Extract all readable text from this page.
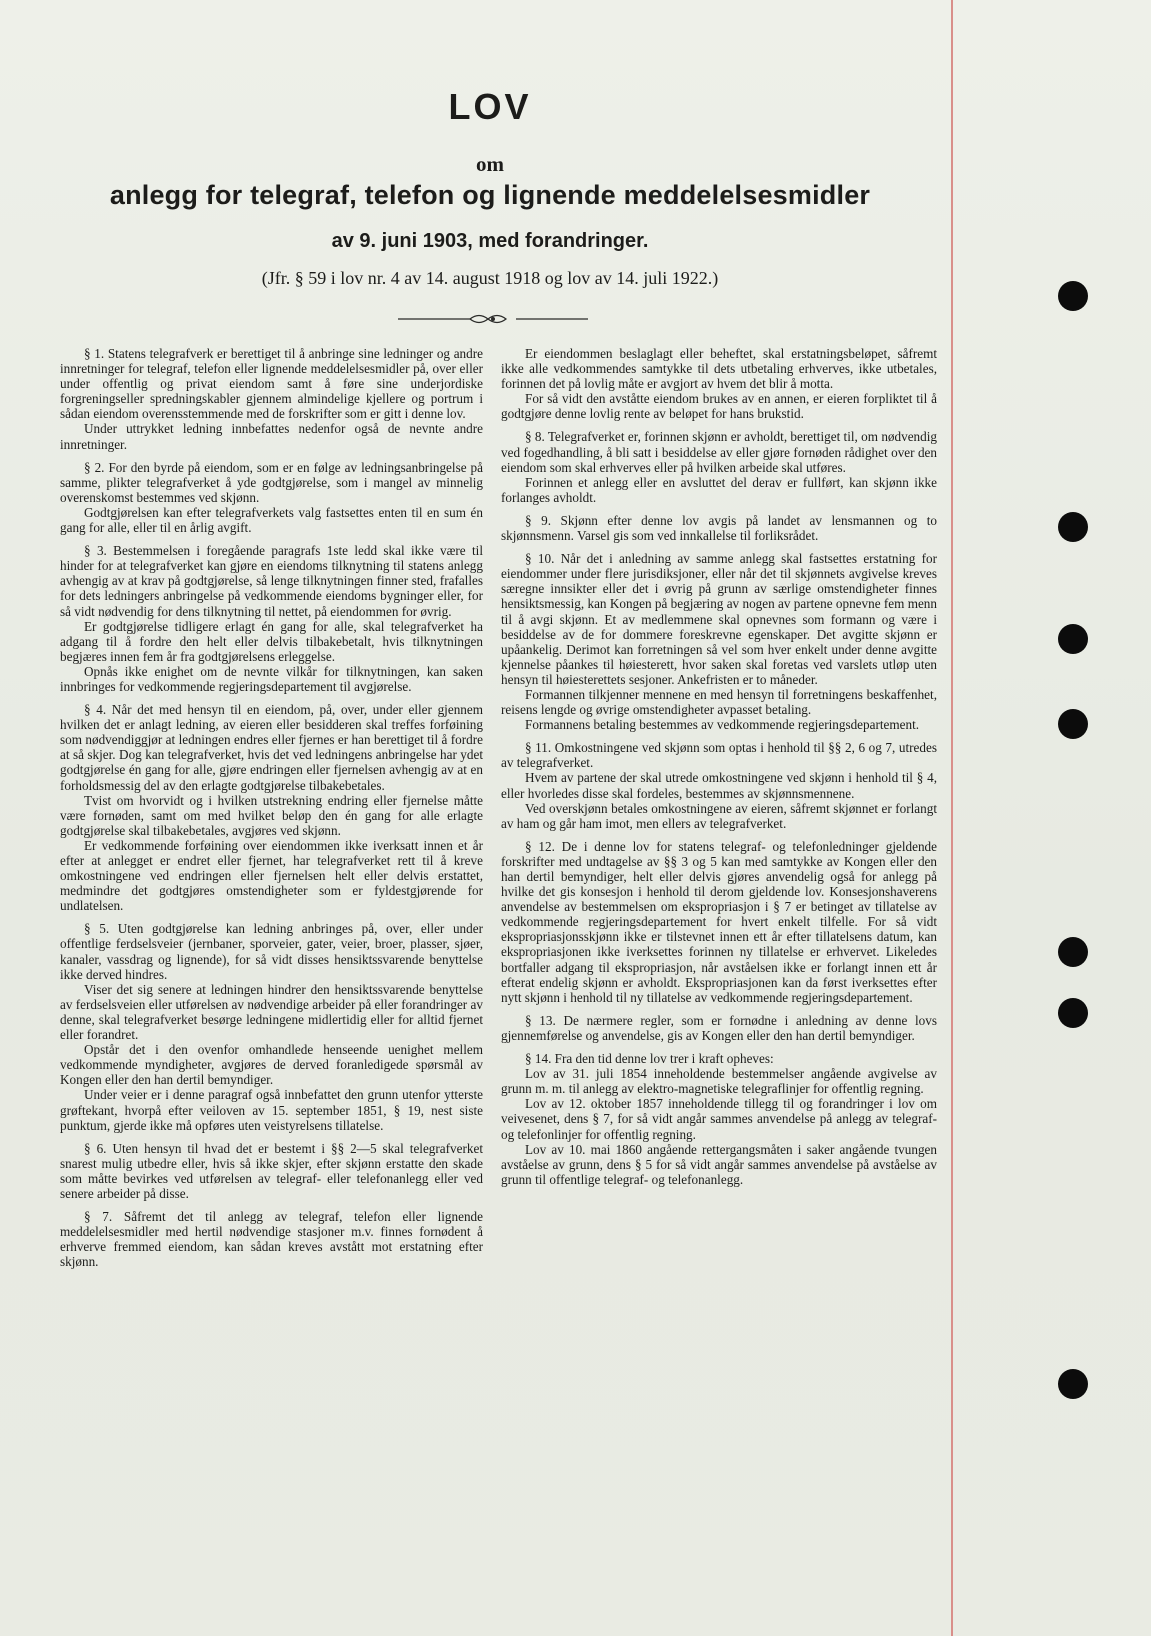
LOV
om
anlegg for telegraf, telefon og lignende meddelelsesmidler
av 9. juni 1903, med forandringer.
(Jfr. § 59 i lov nr. 4 av 14. august 1918 og lov av 14. juli 1922.)

§ 1. Statens telegrafverk er berettiget til å anbringe sine ledninger og andre innretninger for telegraf, telefon eller lignende meddelelsesmidler på, over eller under offentlig og privat eiendom samt å føre sine underjordiske forgreningseller spredningskabler gjennem almindelige kjellere og portrum i sådan eiendom overensstemmende med de forskrifter som er gitt i denne lov.

Under uttrykket ledning innbefattes nedenfor også de nevnte andre innretninger.

§ 2. For den byrde på eiendom, som er en følge av ledningsanbringelse på samme, plikter telegrafverket å yde godtgjørelse, som i mangel av minnelig overenskomst bestemmes ved skjønn.

Godtgjørelsen kan efter telegrafverkets valg fastsettes enten til en sum én gang for alle, eller til en årlig avgift.

§ 3. Bestemmelsen i foregående paragrafs 1ste ledd skal ikke være til hinder for at telegrafverket kan gjøre en eiendoms tilknytning til statens anlegg avhengig av at krav på godtgjørelse, så lenge tilknytningen finner sted, frafalles for dets ledningers anbringelse på vedkommende eiendoms bygninger eller, for så vidt nødvendig for dens tilknytning til nettet, på eiendommen for øvrig.

Er godtgjørelse tidligere erlagt én gang for alle, skal telegrafverket ha adgang til å fordre den helt eller delvis tilbakebetalt, hvis tilknytningen begjæres innen fem år fra godtgjørelsens erleggelse.

Opnås ikke enighet om de nevnte vilkår for tilknytningen, kan saken innbringes for vedkommende regjeringsdepartement til avgjørelse.

§ 4. Når det med hensyn til en eiendom, på, over, under eller gjennem hvilken det er anlagt ledning, av eieren eller besidderen skal treffes forføining som nødvendiggjør at ledningen endres eller fjernes er han berettiget til å fordre at så skjer. Dog kan telegrafverket, hvis det ved ledningens anbringelse har ydet godtgjørelse én gang for alle, gjøre endringen eller fjernelsen avhengig av at en forholdsmessig del av den erlagte godtgjørelse tilbakebetales.

Tvist om hvorvidt og i hvilken utstrekning endring eller fjernelse måtte være fornøden, samt om med hvilket beløp den én gang for alle erlagte godtgjørelse skal tilbakebetales, avgjøres ved skjønn.

Er vedkommende forføining over eiendommen ikke iverksatt innen et år efter at anlegget er endret eller fjernet, har telegrafverket rett til å kreve omkostningene ved endringen eller fjernelsen helt eller delvis erstattet, medmindre det godtgjøres omstendigheter som er fyldestgjørende for undlatelsen.

§ 5. Uten godtgjørelse kan ledning anbringes på, over, eller under offentlige ferdselsveier (jernbaner, sporveier, gater, veier, broer, plasser, sjøer, kanaler, vassdrag og lignende), for så vidt disses hensiktssvarende benyttelse ikke derved hindres.

Viser det sig senere at ledningen hindrer den hensiktssvarende benyttelse av ferdselsveien eller utførelsen av nødvendige arbeider på eller forandringer av denne, skal telegrafverket besørge ledningene midlertidig eller for alltid fjernet eller forandret.

Opstår det i den ovenfor omhandlede henseende uenighet mellem vedkommende myndigheter, avgjøres de derved foranledigede spørsmål av Kongen eller den han dertil bemyndiger.

Under veier er i denne paragraf også innbefattet den grunn utenfor ytterste grøftekant, hvorpå efter veiloven av 15. september 1851, § 19, nest siste punktum, gjerde ikke må opføres uten veistyrelsens tillatelse.

§ 6. Uten hensyn til hvad det er bestemt i §§ 2—5 skal telegrafverket snarest mulig utbedre eller, hvis så ikke skjer, efter skjønn erstatte den skade som måtte bevirkes ved utførelsen av telegraf- eller telefonanlegg eller ved senere arbeider på disse.

§ 7. Såfremt det til anlegg av telegraf, telefon eller lignende meddelelsesmidler med hertil nødvendige stasjoner m.v. finnes fornødent å erhverve fremmed eiendom, kan sådan kreves avstått mot erstatning efter skjønn.

Er eiendommen beslaglagt eller beheftet, skal erstatningsbeløpet, såfremt ikke alle vedkommendes samtykke til dets utbetaling erhverves, ikke utbetales, forinnen det på lovlig måte er avgjort av hvem det blir å motta.

For så vidt den avståtte eiendom brukes av en annen, er eieren forpliktet til å godtgjøre denne lovlig rente av beløpet for hans brukstid.

§ 8. Telegrafverket er, forinnen skjønn er avholdt, berettiget til, om nødvendig ved fogedhandling, å bli satt i besiddelse av eller gjøre fornøden rådighet over den eiendom som skal erhverves eller på hvilken arbeide skal utføres.

Forinnen et anlegg eller en avsluttet del derav er fullført, kan skjønn ikke forlanges avholdt.

§ 9. Skjønn efter denne lov avgis på landet av lensmannen og to skjønnsmenn. Varsel gis som ved innkallelse til forliksrådet.

§ 10. Når det i anledning av samme anlegg skal fastsettes erstatning for eiendommer under flere jurisdiksjoner, eller når det til skjønnets avgivelse kreves særegne innsikter eller det i øvrig på grunn av særlige omstendigheter finnes hensiktsmessig, kan Kongen på begjæring av nogen av partene opnevne fem menn til å avgi skjønn. Et av medlemmene skal opnevnes som formann og være i besiddelse av de for dommere foreskrevne egenskaper. Det avgitte skjønn er upåankelig. Derimot kan forretningen så vel som hver enkelt under denne avgitte kjennelse påankes til høiesterett, hvor saken skal foretas ved varslets utløp uten hensyn til høiesterettets sesjoner. Ankefristen er to måneder.

Formannen tilkjenner mennene en med hensyn til forretningens beskaffenhet, reisens lengde og øvrige omstendigheter avpasset betaling.

Formannens betaling bestemmes av vedkommende regjeringsdepartement.

§ 11. Omkostningene ved skjønn som optas i henhold til §§ 2, 6 og 7, utredes av telegrafverket.

Hvem av partene der skal utrede omkostningene ved skjønn i henhold til § 4, eller hvorledes disse skal fordeles, bestemmes av skjønnsmennene.

Ved overskjønn betales omkostningene av eieren, såfremt skjønnet er forlangt av ham og går ham imot, men ellers av telegrafverket.

§ 12. De i denne lov for statens telegraf- og telefonledninger gjeldende forskrifter med undtagelse av §§ 3 og 5 kan med samtykke av Kongen eller den han dertil bemyndiger, helt eller delvis gjøres anvendelig også for anlegg på hvilke det gis konsesjon i henhold til derom gjeldende lov. Konsesjonshaverens anvendelse av bestemmelsen om ekspropriasjon i § 7 er betinget av tillatelse av vedkommende regjeringsdepartement for hvert enkelt tilfelle. For så vidt ekspropriasjonsskjønn ikke er tilstevnet innen ett år efter tillatelsens datum, kan ekspropriasjonen ikke iverksettes forinnen ny tillatelse er erhvervet. Likeledes bortfaller adgang til ekspropriasjon, når avståelsen ikke er forlangt innen ett år efterat endelig skjønn er avholdt. Ekspropriasjonen kan da først iverksettes efter nytt skjønn i henhold til ny tillatelse av vedkommende regjeringsdepartement.

§ 13. De nærmere regler, som er fornødne i anledning av denne lovs gjennemførelse og anvendelse, gis av Kongen eller den han dertil bemyndiger.

§ 14. Fra den tid denne lov trer i kraft opheves:

Lov av 31. juli 1854 inneholdende bestemmelser angående avgivelse av grunn m. m. til anlegg av elektro-magnetiske telegraflinjer for offentlig regning.

Lov av 12. oktober 1857 inneholdende tillegg til og forandringer i lov om veivesenet, dens § 7, for så vidt angår sammes anvendelse på anlegg av telegraf- og telefonlinjer for offentlig regning.

Lov av 10. mai 1860 angående rettergangsmåten i saker angående tvungen avståelse av grunn, dens § 5 for så vidt angår sammes anvendelse på avståelse av grunn til offentlige telegraf- og telefonanlegg.
